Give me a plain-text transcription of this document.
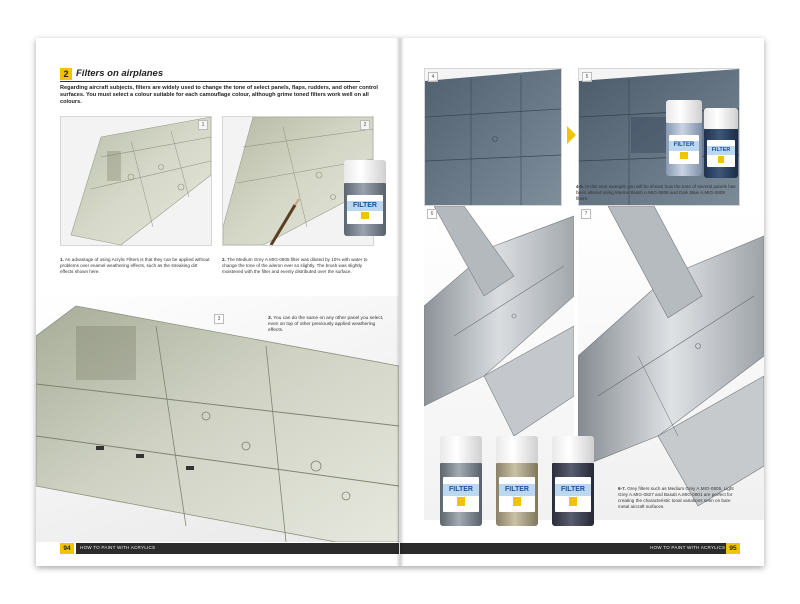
2 Filters on airplanes
Regarding aircraft subjects, filters are widely used to change the tone of select panels, flaps, rudders, and other control surfaces. You must select a colour suitable for each camouflage colour, although grime toned filters work well on all colours.
1	2
FILTER
1. An advantage of using Acrylic Filters is that they can be applied without problems over enamel weathering effects, such as the streaking dirt effects shown here.
2. The Medium Grey A.MIG-0805 filter was diluted by 10% with water to change the tone of the aileron ever so slightly. The brush was slightly moistened with the filter and evenly distributed over the surface.
3	3. You can do the same on any other panel you select, even on top of other previously applied weathering effects.
94	HOW TO PAINT WITH ACRYLICS
4	5
FILTER
FILTER
4-5. In this next example you will be shown how the tone of several panels has been altered using Marine Bluish A.MIG-0808 and Dark Blue A.MIG-0809 filters.
6	7
FILTER	FILTER	FILTER	6-7. Grey filters such as Medium Grey A.MIG-0805, Light Grey A.MIG-0827 and Basalt A.MIG-0801 are perfect for creating the characteristic tonal variations seen on bare metal aircraft surfaces.
HOW TO PAINT WITH ACRYLICS 95
